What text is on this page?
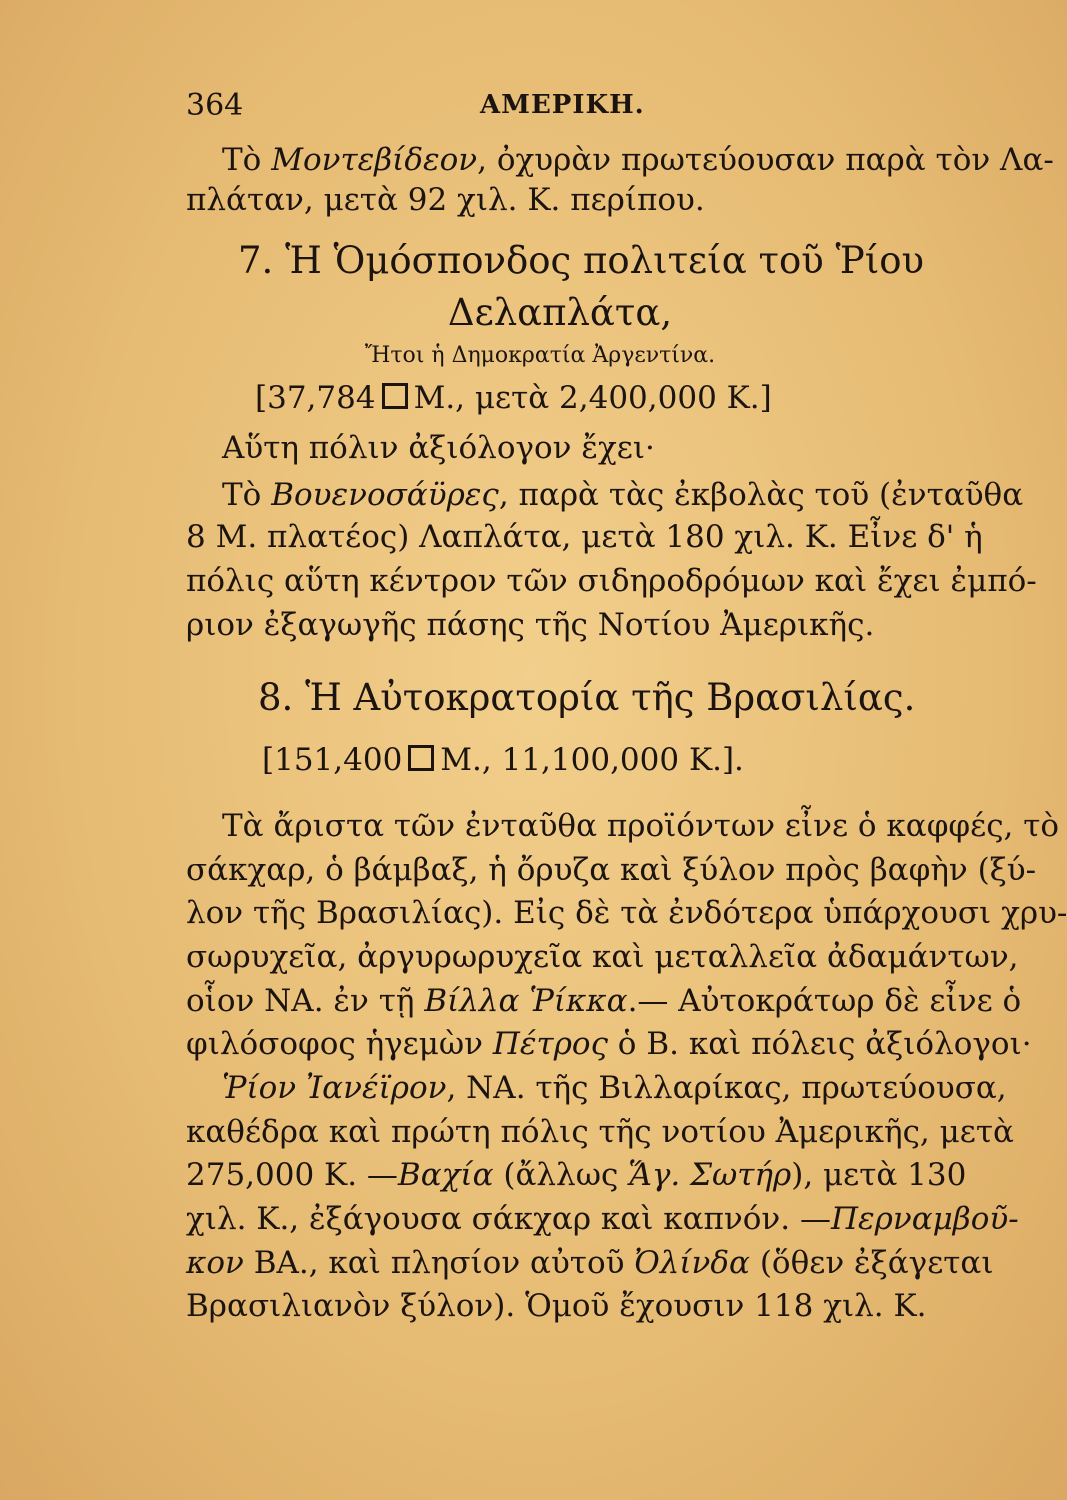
364	ΑΜΕΡΙΚΗ.
Τὸ Μοντεβίδεον, ὀχυρὰν πρωτεύουσαν παρὰ τὸν Λα-
πλάταν, μετὰ 92 χιλ. Κ. περίπου.
7. Ἡ Ὁμόσπονδος πολιτεία τοῦ Ῥίου
Δελαπλάτα,
Ἤτοι ἡ Δημοκρατία Ἀργεντίνα.
[37,784 Μ., μετὰ 2,400,000 Κ.]
Αὕτη πόλιν ἀξιόλογον ἔχει·
Τὸ Βουενοσάϋρες, παρὰ τὰς ἐκβολὰς τοῦ (ἐνταῦθα
8 Μ. πλατέος) Λαπλάτα, μετὰ 180 χιλ. Κ. Εἶνε δ' ἡ
πόλις αὕτη κέντρον τῶν σιδηροδρόμων καὶ ἔχει ἐμπό-
ριον ἐξαγωγῆς πάσης τῆς Νοτίου Ἀμερικῆς.
8. Ἡ Αὐτοκρατορία τῆς Βρασιλίας.
[151,400 Μ., 11,100,000 Κ.].
Τὰ ἄριστα τῶν ἐνταῦθα προϊόντων εἶνε ὁ καφφές, τὸ
σάκχαρ, ὁ βάμβαξ, ἡ ὄρυζα καὶ ξύλον πρὸς βαφὴν (ξύ-
λον τῆς Βρασιλίας). Εἰς δὲ τὰ ἐνδότερα ὑπάρχουσι χρυ-
σωρυχεῖα, ἀργυρωρυχεῖα καὶ μεταλλεῖα ἀδαμάντων,
οἷον ΝΑ. ἐν τῇ Βίλλα Ῥίκκα.— Αὐτοκράτωρ δὲ εἶνε ὁ
φιλόσοφος ἡγεμὼν Πέτρος ὁ Β. καὶ πόλεις ἀξιόλογοι·
Ῥίον Ἰανέϊρον, ΝΑ. τῆς Βιλλαρίκας, πρωτεύουσα,
καθέδρα καὶ πρώτη πόλις τῆς νοτίου Ἀμερικῆς, μετὰ
275,000 Κ. —Βαχία (ἄλλως Ἅγ. Σωτήρ), μετὰ 130
χιλ. Κ., ἐξάγουσα σάκχαρ καὶ καπνόν. —Περναμβοῦ-
κον ΒΑ., καὶ πλησίον αὐτοῦ Ὀλίνδα (ὅθεν ἐξάγεται
Βρασιλιανὸν ξύλον). Ὁμοῦ ἔχουσιν 118 χιλ. Κ.
